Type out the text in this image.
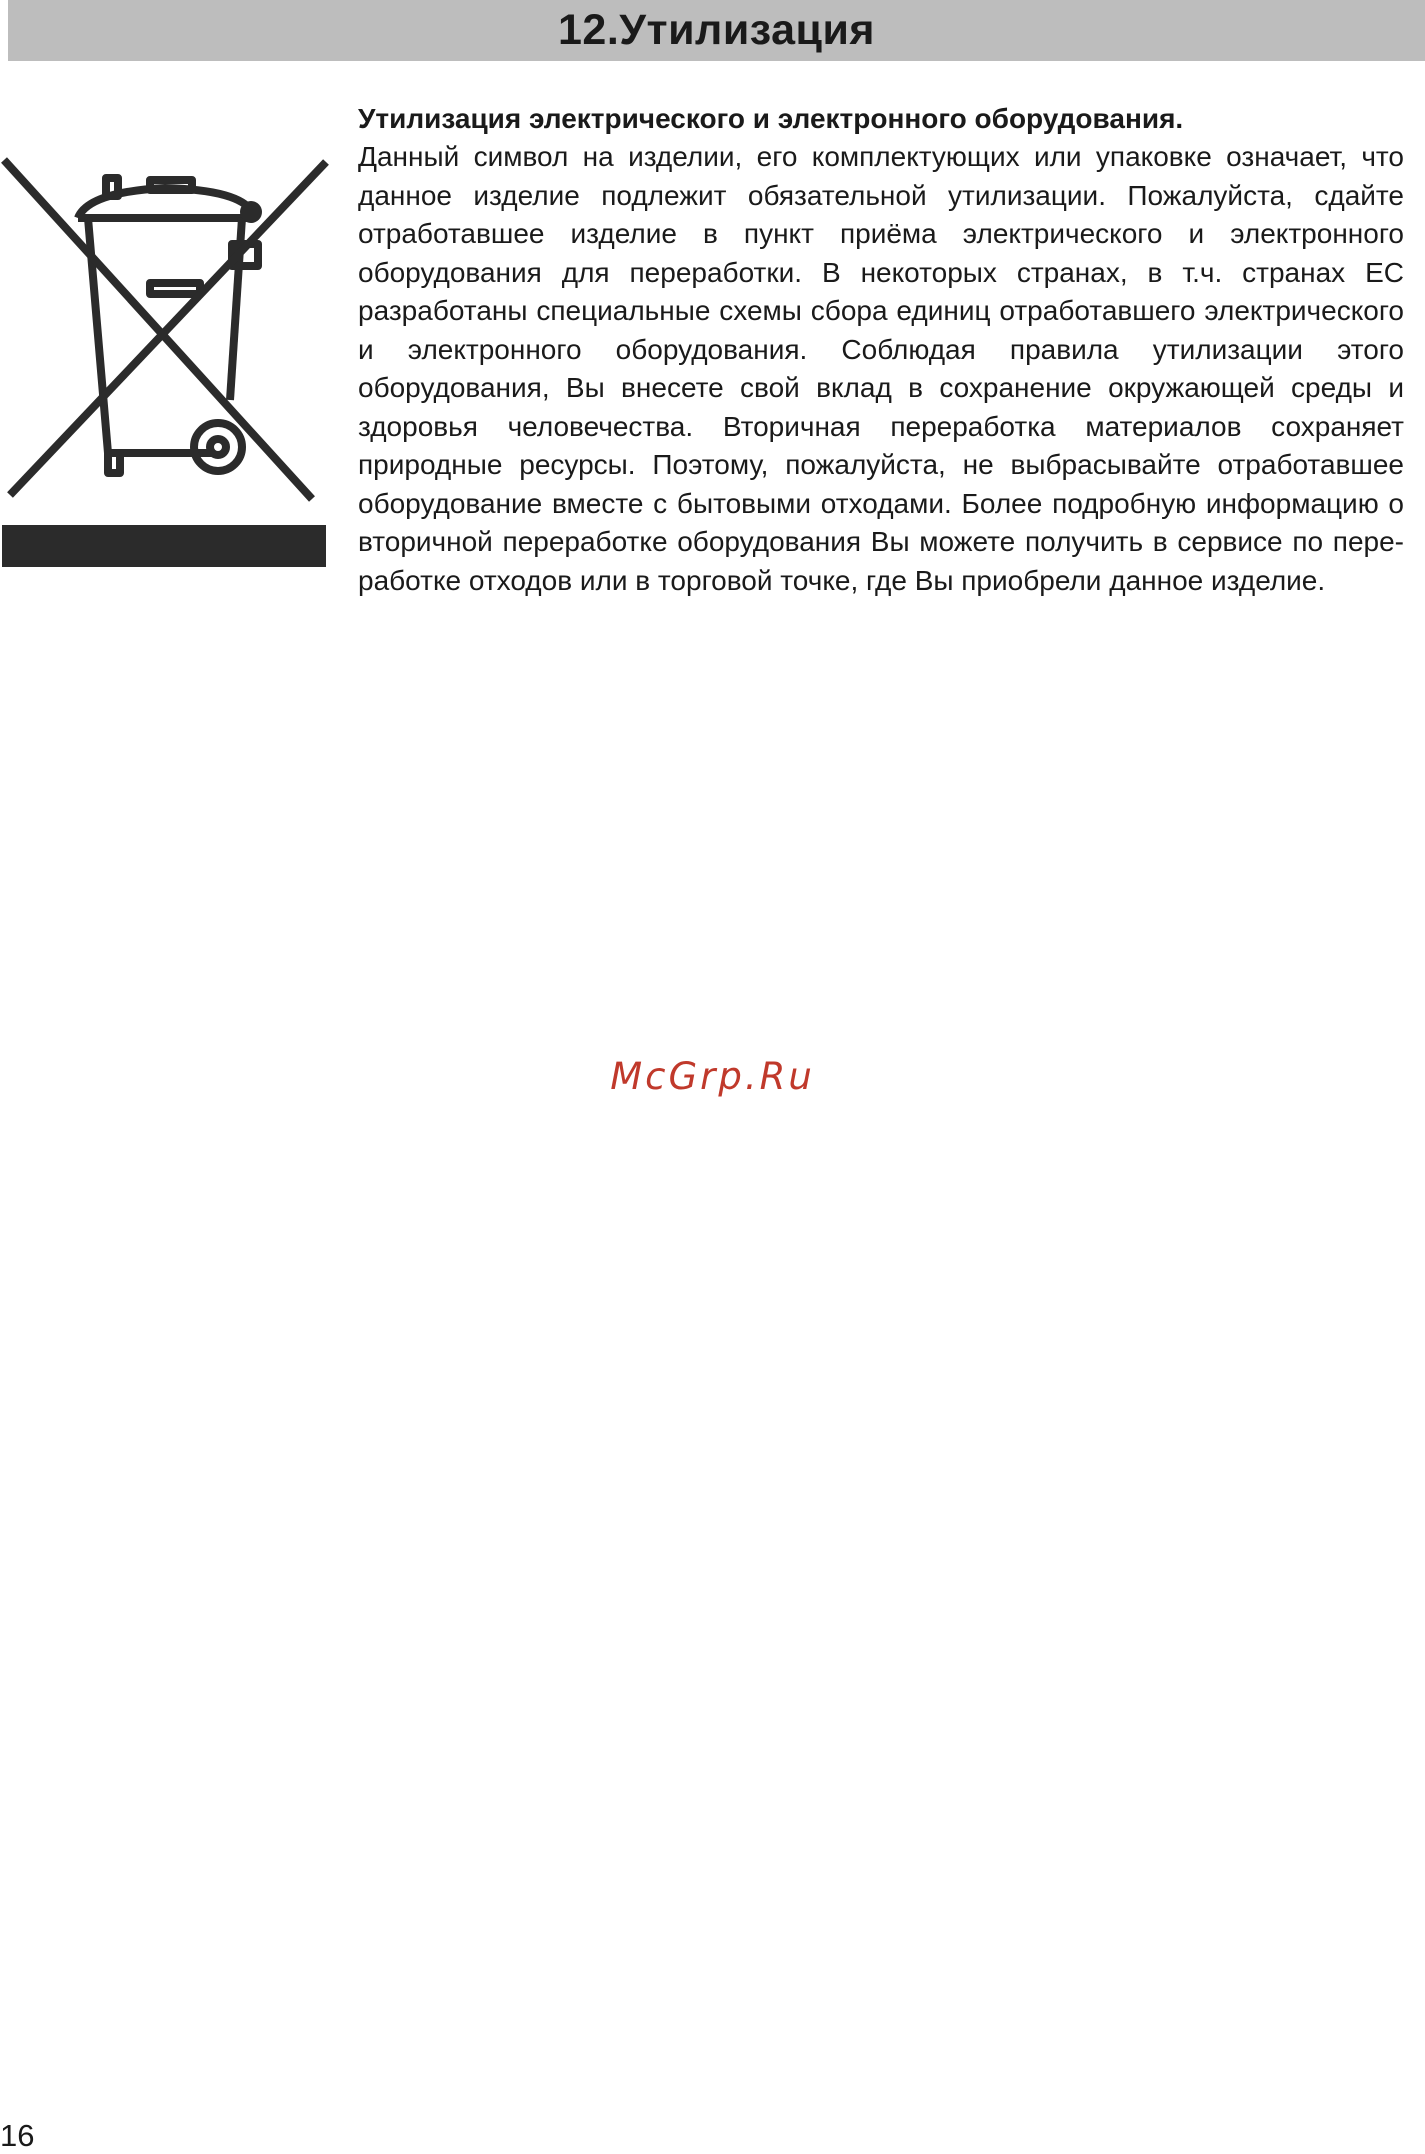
12.Утилизация

Утилизация электрического и электронного оборудования.

Данный символ на изделии, его комплектующих или упаковке означает, что данное изделие подлежит обязательной утилизации. Пожалуйста, сдайте отработавшее изделие в пункт приёма электрического и электронного оборудования для переработки. В некоторых странах, в т.ч. странах ЕС разработаны специальные схемы сбора единиц отработавшего электрического и электронного оборудования. Соблюдая правила утилизации этого оборудования, Вы внесете свой вклад в сохранение окружающей среды и здоровья человечества. Вторичная переработка материалов сохраняет природные ресурсы. Поэтому, пожалуйста, не выбрасывайте отработавшее оборудование вместе с бытовыми отходами. Более подробную информацию о вторичной переработке оборудования Вы можете получить в сервисе по переработке отходов или в торговой точке, где Вы приобрели данное изделие.

McGrp.Ru
16
